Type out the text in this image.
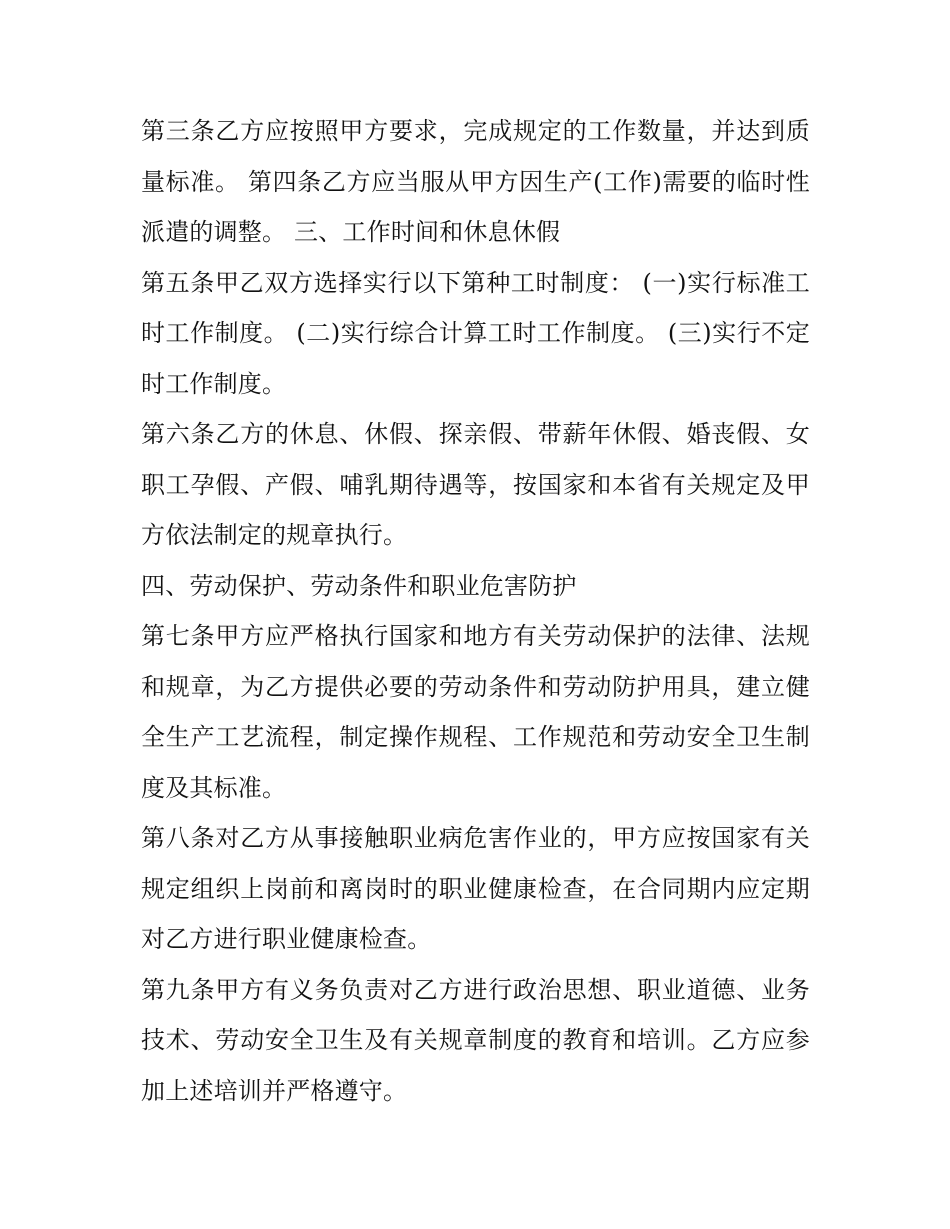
第三条乙方应按照甲方要求，完成规定的工作数量，并达到质量标准。 第四条乙方应当服从甲方因生产(工作)需要的临时性派遣的调整。 三、工作时间和休息休假

第五条甲乙双方选择实行以下第种工时制度： (一)实行标准工时工作制度。 (二)实行综合计算工时工作制度。 (三)实行不定时工作制度。

第六条乙方的休息、休假、探亲假、带薪年休假、婚丧假、女职工孕假、产假、哺乳期待遇等，按国家和本省有关规定及甲方依法制定的规章执行。

四、劳动保护、劳动条件和职业危害防护

第七条甲方应严格执行国家和地方有关劳动保护的法律、法规和规章，为乙方提供必要的劳动条件和劳动防护用具，建立健全生产工艺流程，制定操作规程、工作规范和劳动安全卫生制度及其标准。

第八条对乙方从事接触职业病危害作业的，甲方应按国家有关规定组织上岗前和离岗时的职业健康检查，在合同期内应定期对乙方进行职业健康检查。

第九条甲方有义务负责对乙方进行政治思想、职业道德、业务技术、劳动安全卫生及有关规章制度的教育和培训。乙方应参加上述培训并严格遵守。
